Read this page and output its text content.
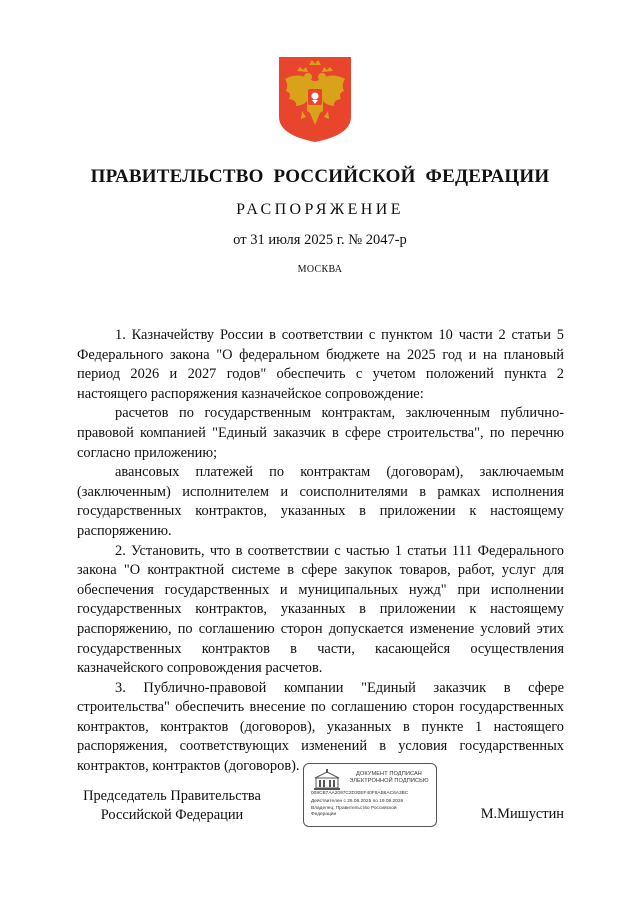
ПРАВИТЕЛЬСТВО РОССИЙСКОЙ ФЕДЕРАЦИИ
РАСПОРЯЖЕНИЕ
от 31 июля 2025 г. № 2047-р
МОСКВА

1. Казначейству России в соответствии с пунктом 10 части 2 статьи 5 Федерального закона "О федеральном бюджете на 2025 год и на плановый период 2026 и 2027 годов" обеспечить с учетом положений пункта 2 настоящего распоряжения казначейское сопровождение:

расчетов по государственным контрактам, заключенным публично-правовой компанией "Единый заказчик в сфере строительства", по перечню согласно приложению;

авансовых платежей по контрактам (договорам), заключаемым (заключенным) исполнителем и соисполнителями в рамках исполнения государственных контрактов, указанных в приложении к настоящему распоряжению.

2. Установить, что в соответствии с частью 1 статьи 111 Федерального закона "О контрактной системе в сфере закупок товаров, работ, услуг для обеспечения государственных и муниципальных нужд" при исполнении государственных контрактов, указанных в приложении к настоящему распоряжению, по соглашению сторон допускается изменение условий этих государственных контрактов в части, касающейся осуществления казначейского сопровождения расчетов.

3. Публично-правовой компании "Единый заказчик в сфере строительства" обеспечить внесение по соглашению сторон государственных контрактов, контрактов (договоров), указанных в пункте 1 настоящего распоряжения, соответствующих изменений в условия государственных контрактов, контрактов (договоров).

Председатель Правительства
Российской Федерации
ДОКУМЕНТ ПОДПИСАН
ЭЛЕКТРОННОЙ ПОДПИСЬЮ
008CB7AA2097C2D30EF40F8AB6AC6A3BC
Действителен с 26.06.2025 по 19.09.2026
Владелец: Правительство Российской
Федерации	М.Мишустин
